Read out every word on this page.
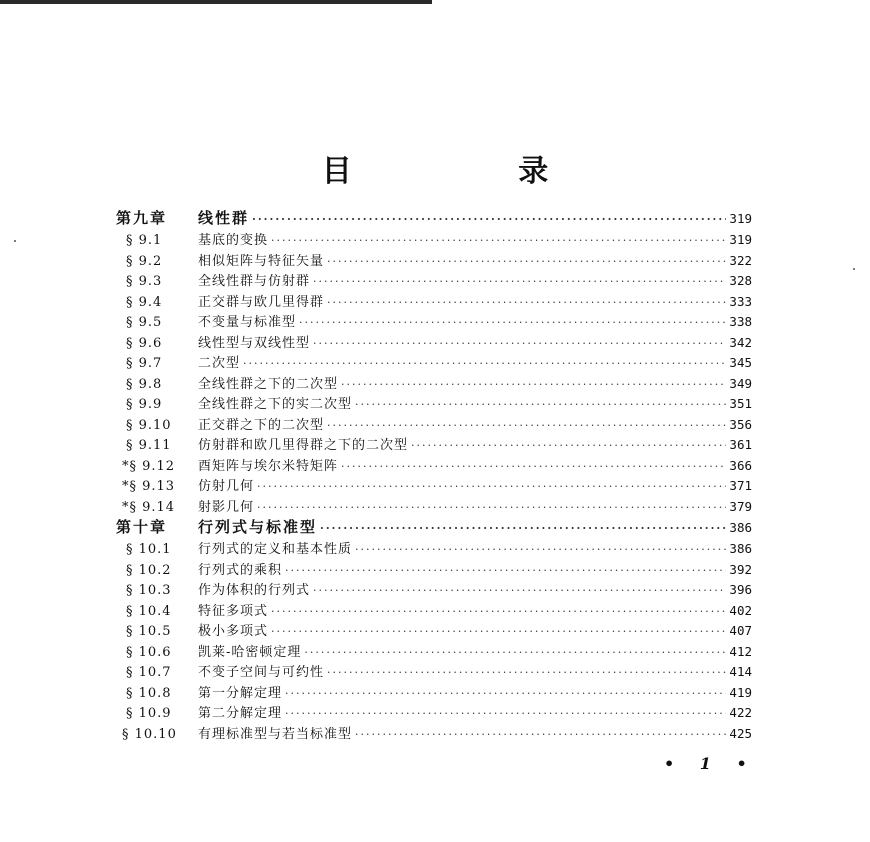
目 录
第九章	线性群 ·····	319
§ 9.1	基底的变换 ·····	319
§ 9.2	相似矩阵与特征矢量 ·····	322
§ 9.3	全线性群与仿射群 ·····	328
§ 9.4	正交群与欧几里得群 ·····	333
§ 9.5	不变量与标准型 ·····	338
§ 9.6	线性型与双线性型 ·····	342
§ 9.7	二次型 ·····	345
§ 9.8	全线性群之下的二次型 ·····	349
§ 9.9	全线性群之下的实二次型 ·····	351
§ 9.10	正交群之下的二次型 ·····	356
§ 9.11	仿射群和欧几里得群之下的二次型 ·····	361
*§ 9.12	酉矩阵与埃尔米特矩阵 ·····	366
*§ 9.13	仿射几何 ·····	371
*§ 9.14	射影几何 ·····	379
第十章	行列式与标准型 ·····	386
§ 10.1	行列式的定义和基本性质 ·····	386
§ 10.2	行列式的乘积 ·····	392
§ 10.3	作为体积的行列式 ·····	396
§ 10.4	特征多项式 ·····	402
§ 10.5	极小多项式 ·····	407
§ 10.6	凯莱-哈密顿定理 ·····	412
§ 10.7	不变子空间与可约性 ·····	414
§ 10.8	第一分解定理 ·····	419
§ 10.9	第二分解定理 ·····	422
§ 10.10	有理标准型与若当标准型 ·····	425
• 1 •
